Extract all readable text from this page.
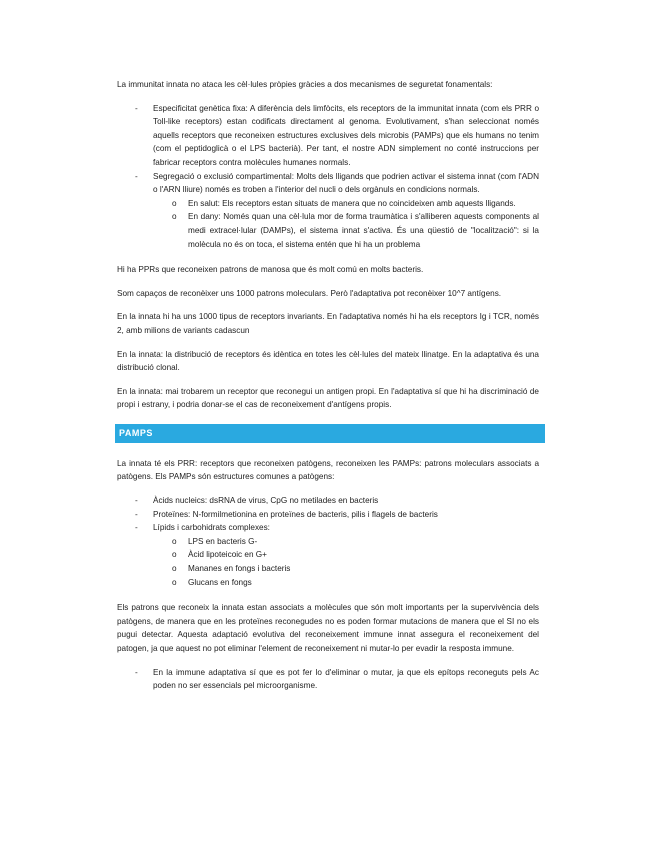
La immunitat innata no ataca les cèl·lules pròpies gràcies a dos mecanismes de seguretat fonamentals:

- Especificitat genètica fixa: A diferència dels limfòcits, els receptors de la immunitat innata (com els PRR o Toll-like receptors) estan codificats directament al genoma. Evolutivament, s'han seleccionat només aquells receptors que reconeixen estructures exclusives dels microbis (PAMPs) que els humans no tenim (com el peptidoglicà o el LPS bacterià). Per tant, el nostre ADN simplement no conté instruccions per fabricar receptors contra molècules humanes normals.
- Segregació o exclusió compartimental: Molts dels lligands que podrien activar el sistema innat (com l'ADN o l'ARN lliure) només es troben a l'interior del nucli o dels orgànuls en condicions normals.
o En salut: Els receptors estan situats de manera que no coincideixen amb aquests lligands.
o En dany: Només quan una cèl·lula mor de forma traumàtica i s'alliberen aquests components al medi extracel·lular (DAMPs), el sistema innat s'activa. És una qüestió de "localització": si la molècula no és on toca, el sistema entén que hi ha un problema

Hi ha PPRs que reconeixen patrons de manosa que és molt comú en molts bacteris.

Som capaços de reconèixer uns 1000 patrons moleculars. Però l'adaptativa pot reconèixer 10^7 antígens.

En la innata hi ha uns 1000 tipus de receptors invariants. En l'adaptativa només hi ha els receptors Ig i TCR, només 2, amb milions de variants cadascun

En la innata: la distribució de receptors és idèntica en totes les cèl·lules del mateix llinatge. En la adaptativa és una distribució clonal.

En la innata: mai trobarem un receptor que reconegui un antigen propi. En l'adaptativa sí que hi ha discriminació de propi i estrany, i podria donar-se el cas de reconeixement d'antígens propis.

PAMPS

La innata té els PRR: receptors que reconeixen patògens, reconeixen les PAMPs: patrons moleculars associats a patògens. Els PAMPs són estructures comunes a patògens:

- Àcids nucleics: dsRNA de virus, CpG no metilades en bacteris
- Proteïnes: N-formilmetionina en proteïnes de bacteris, pilis i flagels de bacteris
- Lípids i carbohidrats complexes:
o LPS en bacteris G-
o Àcid lipoteicoic en G+
o Mananes en fongs i bacteris
o Glucans en fongs

Els patrons que reconeix la innata estan associats a molècules que són molt importants per la supervivència dels patògens, de manera que en les proteïnes reconegudes no es poden formar mutacions de manera que el SI no els pugui detectar. Aquesta adaptació evolutiva del reconeixement immune innat assegura el reconeixement del patogen, ja que aquest no pot eliminar l'element de reconeixement ni mutar-lo per evadir la resposta immune.

- En la immune adaptativa sí que es pot fer lo d'eliminar o mutar, ja que els epítops reconeguts pels Ac poden no ser essencials pel microorganisme.
